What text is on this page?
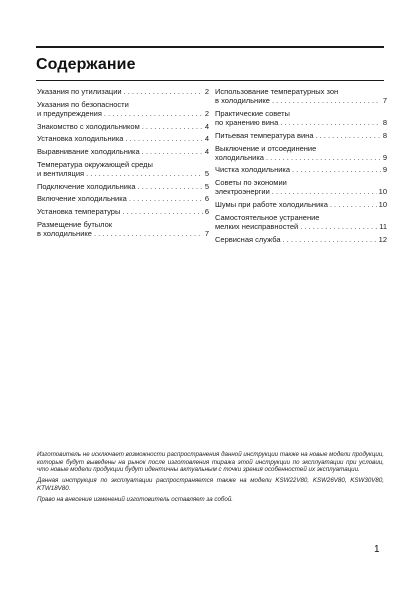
Содержание
Указания по утилизации . . .	2
Указания по безопасности
и предупреждения . . .	2
Знакомство с холодильником . . .	4
Установка холодильника . . .	4
Выравнивание холодильника . . .	4
Температура окружающей среды
и вентиляция . . .	5
Подключение холодильника . . .	5
Включение холодильника . . .	6
Установка температуры . . .	6
Размещение бутылок
в холодильнике . . .	7
Использование температурных зон
в холодильнике . . .	7
Практические советы
по хранению вина . . .	8
Питьевая температура вина . . .	8
Выключение и отсоединение
холодильника . . .	9
Чистка холодильника . . .	9
Советы по экономии
электроэнергии . . .	10
Шумы при работе холодильника . . .	10
Самостоятельное устранение
мелких неисправностей . . .	11
Сервисная служба . . .	12

Изготовитель не исключает возможности распространения данной инструкции также на новые модели продукции, которые будут выведены на рынок после изготовления тиража этой инструкции по эксплуатации при условии, что новые модели продукции будут идентичны актуальным с точки зрения особенностей их эксплуатации.

Данная инструкция по эксплуатации распространяется также на модели KSW22V80, KSW26V80, KSW30V80, KTW18V80.

Право на внесение изменений изготовитель оставляет за собой.

1
